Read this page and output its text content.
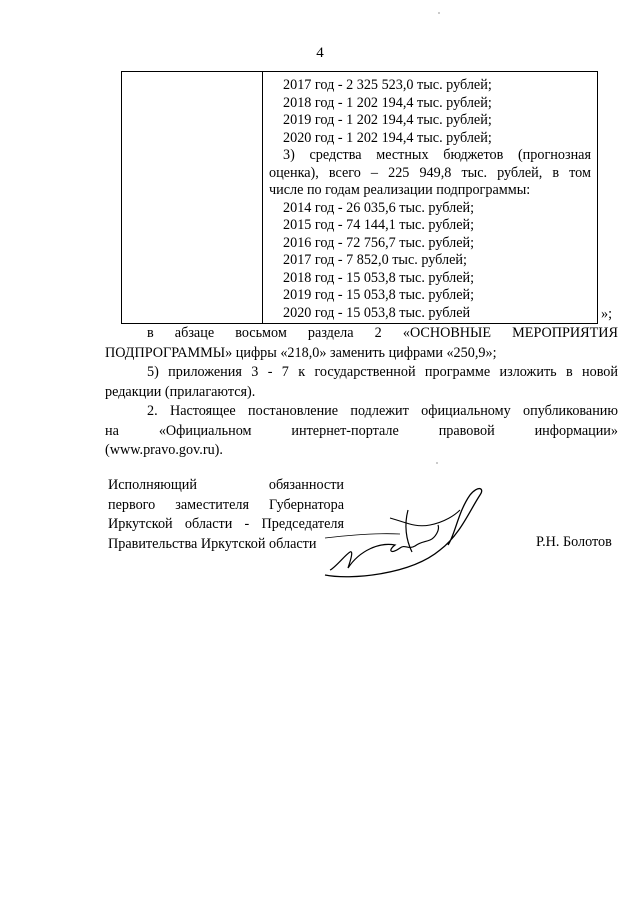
4
2017 год - 2 325 523,0 тыс. рублей;
2018 год - 1 202 194,4 тыс. рублей;
2019 год - 1 202 194,4 тыс. рублей;
2020 год - 1 202 194,4 тыс. рублей;
3) средства местных бюджетов (прогнозная
оценка), всего – 225 949,8 тыс. рублей, в том
числе по годам реализации подпрограммы:
2014 год - 26 035,6 тыс. рублей;
2015 год - 74 144,1 тыс. рублей;
2016 год - 72 756,7 тыс. рублей;
2017 год - 7 852,0 тыс. рублей;
2018 год - 15 053,8 тыс. рублей;
2019 год - 15 053,8 тыс. рублей;
2020 год - 15 053,8 тыс. рублей	»;

в абзаце восьмом раздела 2 «ОСНОВНЫЕ МЕРОПРИЯТИЯ
ПОДПРОГРАММЫ» цифры «218,0» заменить цифрами «250,9»;

5) приложения 3 - 7 к государственной программе изложить в новой
редакции (прилагаются).

2. Настоящее постановление подлежит официальному опубликованию
на «Официальном интернет-портале правовой информации»
(www.pravo.gov.ru).

Исполняющий обязанности
первого заместителя Губернатора
Иркутской области - Председателя
Правительства Иркутской области	Р.Н. Болотов
